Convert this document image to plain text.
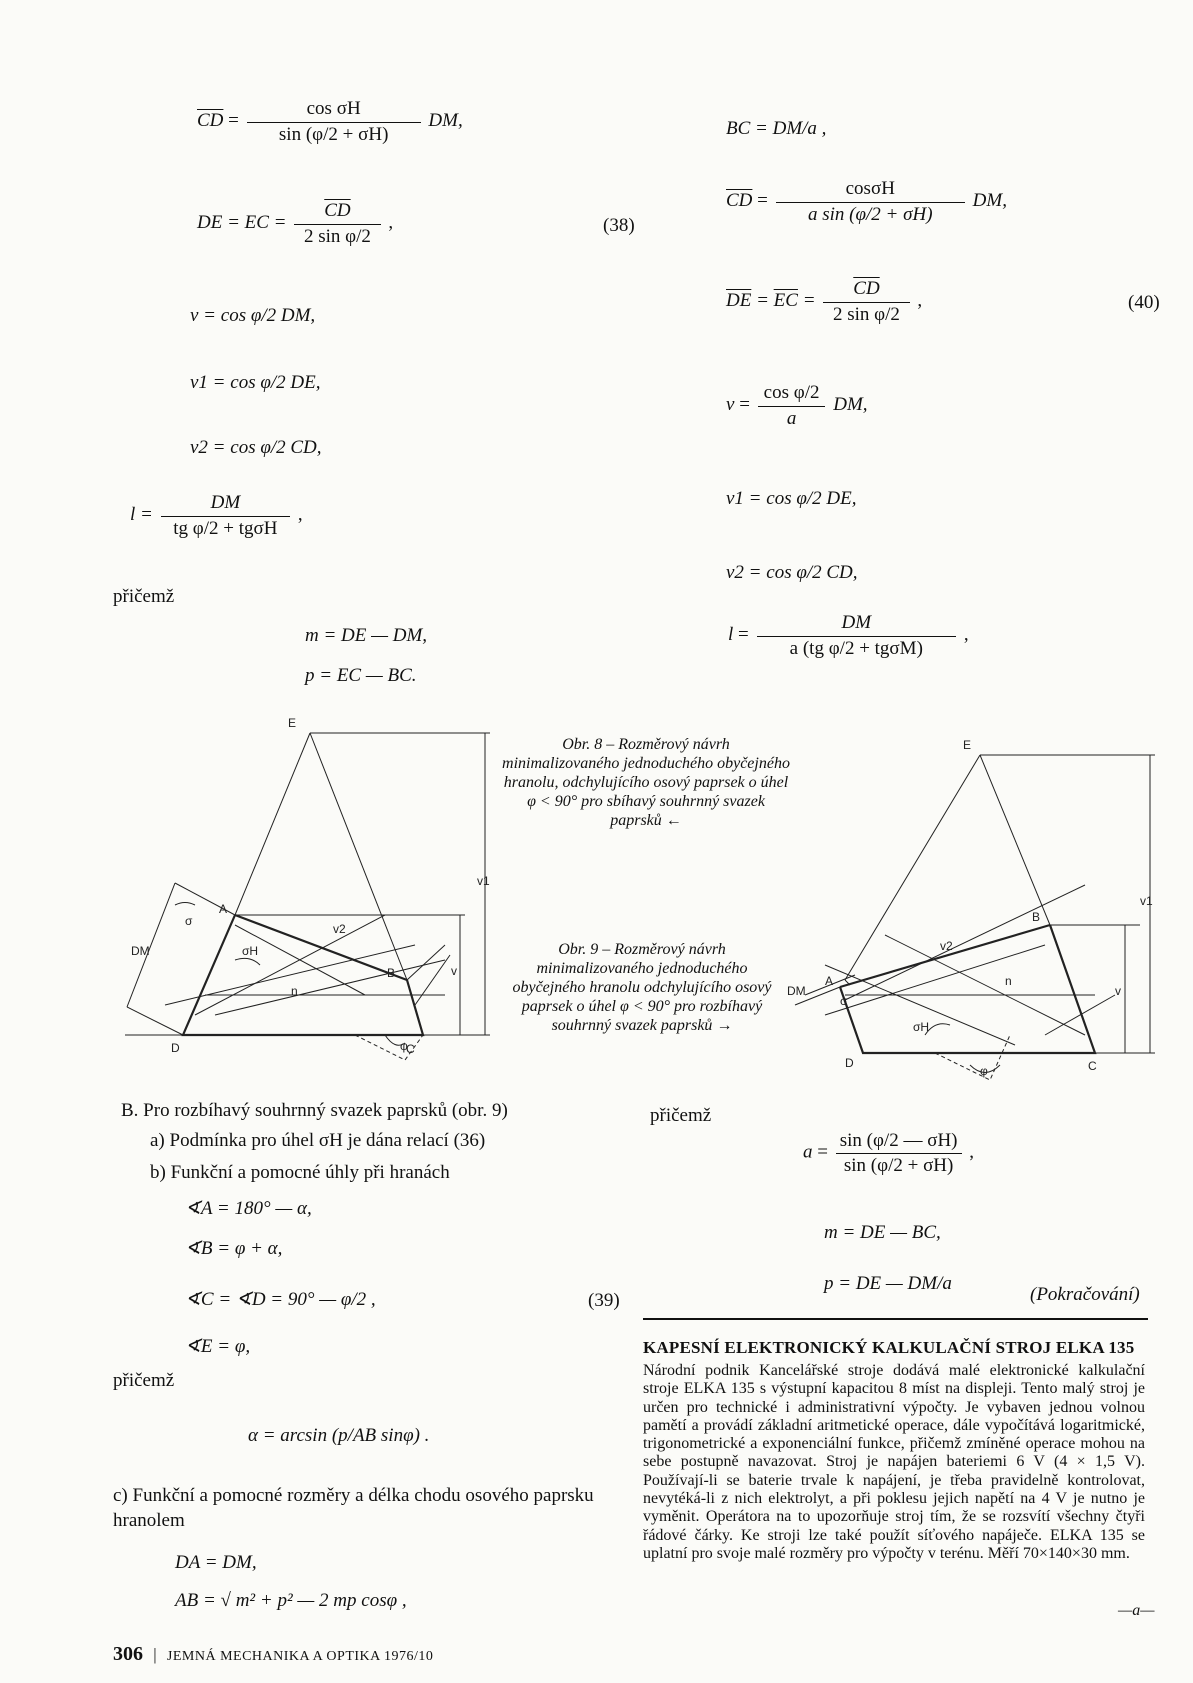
$\overline{CD} = \frac{\text{cos σH}}{\sin (\varphi/2 + \sigma H)}$ DM,
DE = EC = $\frac{\overline{CD}}{\text{2 sin φ/2}}$ ,	(38)
v = cos φ/2 DM,
v1 = cos φ/2 DE,
v2 = cos φ/2 CD,
$l = \frac{DM}{\text{tg φ/2 + tgσH}}$ ,
přičemž
m = DE — DM,
p = EC — BC.
BC = DM/a ,
$\overline{CD} = \frac{\cos\sigma H}{\text{a sin (φ/2 + σH)}}$ DM,
$\overline{DE} = \overline{EC} = \frac{\overline{CD}}{\text{2 sin φ/2}}$ ,	(40)
$v = \frac{\text{cos φ/2}}{a}$ DM,
v1 = cos φ/2 DE,
v2 = cos φ/2 CD,
$l = \frac{DM}{\text{a (tg φ/2 + tgσM)}}$ ,
E
A
B
C
D
n
v2
v
v1
DM
σ
σH
φ
Obr. 8 – Rozměrový návrh minimalizovaného jednoduchého obyčejného hranolu, odchylujícího osový paprsek o úhel φ < 90° pro sbíhavý souhrnný svazek paprsků ←
Obr. 9 – Rozměrový návrh minimalizovaného jednoduchého obyčejného hranolu odchylujícího osový paprsek o úhel φ < 90° pro rozbíhavý souhrnný svazek paprsků →
E
A
B
C
D
n
v2
v
v1
DM
σ
σH
φ
B. Pro rozbíhavý souhrnný svazek paprsků (obr. 9)
a) Podmínka pro úhel σH je dána relací (36)
b) Funkční a pomocné úhly při hranách
∢A = 180° — α,
∢B = φ + α,
∢C = ∢D = 90° — φ/2 ,	(39)
∢E = φ,
přičemž
α = arcsin (p/AB sinφ) .
c) Funkční a pomocné rozměry a délka chodu osového paprsku hranolem
DA = DM,
AB = √ m² + p² — 2 mp cosφ ,
přičemž
$a = \frac{\sin (\varphi/2 — \sigma H)}{\sin (\varphi/2 + \sigma H)}$ ,
m = DE — BC,
p = DE — DM/a
(Pokračování)
KAPESNÍ ELEKTRONICKÝ KALKULAČNÍ STROJ ELKA 135
Národní podnik Kancelářské stroje dodává malé elektronické kalkulační stroje ELKA 135 s výstupní kapacitou 8 míst na displeji. Tento malý stroj je určen pro technické i administrativní výpočty. Je vybaven jednou volnou pamětí a provádí základní aritmetické operace, dále vypočítává logaritmické, trigonometrické a exponenciální funkce, přičemž zmíněné operace mohou na sebe postupně navazovat. Stroj je napájen bateriemi 6 V (4 × 1,5 V). Používají-li se baterie trvale k napájení, je třeba pravidelně kontrolovat, nevytéká-li z nich elektrolyt, a při poklesu jejich napětí na 4 V je nutno je vyměnit. Operátora na to upozorňuje stroj tím, že se rozsvítí všechny čtyři řádové čárky. Ke stroji lze také použít síťového napáječe. ELKA 135 se uplatní pro svoje malé rozměry pro výpočty v terénu. Měří 70×140×30 mm.
—a—
306 | JEMNÁ MECHANIKA A OPTIKA 1976/10
